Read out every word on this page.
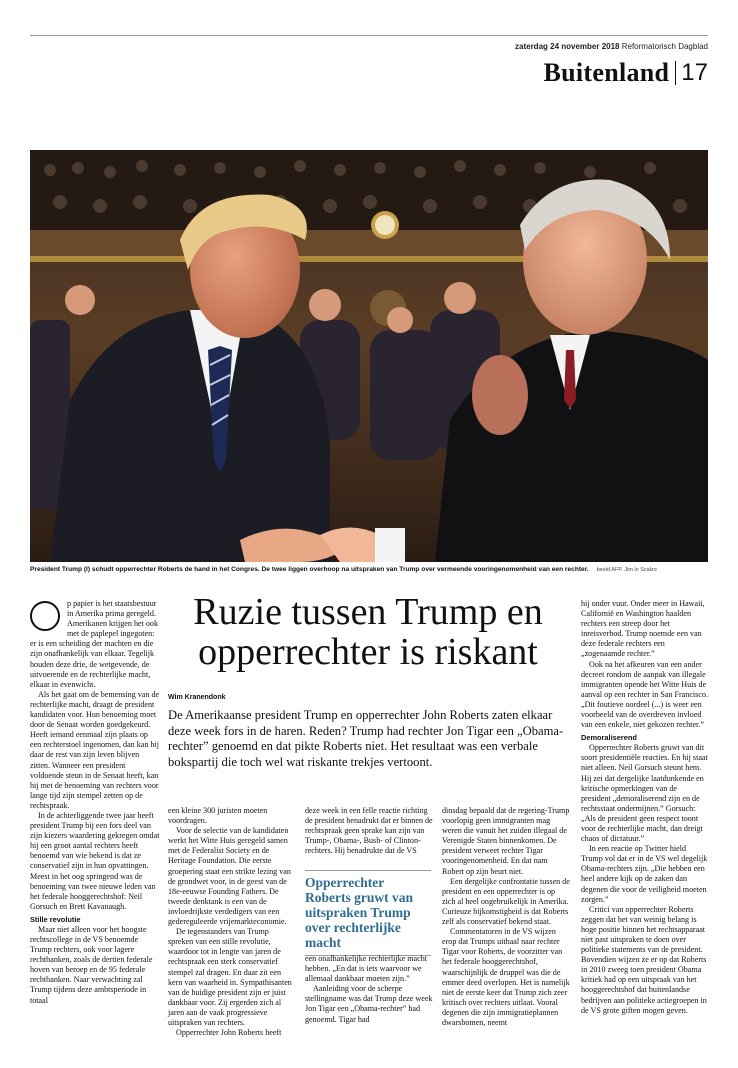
zaterdag 24 november 2018 Reformatorisch Dagblad
Buitenland 17
President Trump (l) schudt opperrechter Roberts de hand in het Congres. De twee liggen overhoop na uitspraken van Trump over vermeende vooringenomenheid van een rechter. beeld AFP, Jim lo Scalzo

p papier is het staatsbestuur in Amerika prima geregeld. Amerikanen krijgen het ook met de paplepel ingegoten: er is een scheiding der machten en die zijn onafhankelijk van elkaar. Tegelijk houden deze drie, de wetgevende, de uitvoerende en de rechterlijke macht, elkaar in evenwicht.

Als het gaat om de bemensing van de rechterlijke macht, draagt de president kandidaten voor. Hun benoeming moet door de Senaat worden goedgekeurd. Heeft iemand eenmaal zijn plaats op een rechterstoel ingenomen, dan kan hij daar de rest van zijn leven blijven zitten. Wanneer een president voldoende steun in de Senaat heeft, kan hij met de benoeming van rechters voor lange tijd zijn stempel zetten op de rechtspraak.

In de achterliggende twee jaar heeft president Trump bij een fors deel van zijn kiezers waardering gekregen omdat hij een groot aantal rechters heeft benoemd van wie bekend is dat ze conservatief zijn in hun opvattingen. Meest in het oog springend was de benoeming van twee nieuwe leden van het federale hooggerechtshof: Neil Gorsuch en Brett Kavanaugh.

Stille revolutie

Maar niet alleen voor het hoogste rechtscollege in de VS benoemde Trump rechters, ook voor lagere rechtbanken, zoals de dertien federale hoven van beroep en de 95 federale rechtbanken. Naar verwachting zal Trump tijdens deze ambtsperiode in totaal

Ruzie tussen Trump en opperrechter is riskant
Wim Kranendonk
De Amerikaanse president Trump en opperrechter John Roberts zaten elkaar deze week fors in de haren. Reden? Trump had rechter Jon Tigar een „Obama-rechter” genoemd en dat pikte Roberts niet. Het resultaat was een verbale bokspartij die toch wel wat riskante trekjes vertoont.

een kleine 300 juristen moeten voordragen.

Voor de selectie van de kandidaten werkt het Witte Huis geregeld samen met de Federalist Society en de Heritage Foundation. Die eerste groepering staat een strikte lezing van de grondwet voor, in de geest van de 18e-eeuwse Founding Fathers. De tweede denktank is een van de invloedrijkste verdedigers van een gedereguleerde vrijemarkteconomie.

De tegenstanders van Trump spreken van een stille revolutie, waardoor tot in lengte van jaren de rechtspraak een sterk conservatief stempel zal dragen. En daar zit een kern van waarheid in. Sympathisanten van de huidige president zijn er juist dankbaar voor. Zij ergerden zich al jaren aan de vaak progressieve uitspraken van rechters.

Opperrechter John Roberts heeft

deze week in een felle reactie richting de president benadrukt dat er binnen de rechtspraak geen sprake kan zijn van Trump-, Obama-, Bush- of Clinton-rechters. Hij benadrukte dat de VS

Opperrechter Roberts gruwt van uitspraken Trump over rechterlijke macht

een onafhankelijke rechterlijke macht hebben. „En dat is iets waarvoor we allemaal dankbaar moeten zijn.”

Aanleiding voor de scherpe stellingname was dat Trump deze week Jon Tigar een „Obama-rechter” had genoemd. Tigar had

dinsdag bepaald dat de regering-Trump voorlopig geen immigranten mag weren die vanuit het zuiden illegaal de Verenigde Staten binnenkomen. De president verweet rechter Tigar vooringenomenheid. En dat nam Robert op zijn beurt niet.

Een dergelijke confrontatie tussen de president en een opperrechter is op zich al heel ongebruikelijk in Amerika. Curieuze bijkomstigheid is dat Roberts zelf als conservatief bekend staat.

Commentatoren in de VS wijzen erop dat Trumps uithaal naar rechter Tigar voor Roberts, de voorzitter van het federale hooggerechtshof, waarschijnlijk de druppel was die de emmer deed overlopen. Het is namelijk niet de eerste keer dat Trump zich zeer kritisch over rechters uitlaat. Vooral degenen die zijn immigratieplannen dwarsbomen, neemt

hij onder vuur. Onder meer in Hawaii, Californië en Washington haalden rechters een streep door het inreisverbod. Trump noemde een van deze federale rechters een „zogenaamde rechter.”

Ook na het afkeuren van een ander decreet rondom de aanpak van illegale immigranten opende het Witte Huis de aanval op een rechter in San Francisco. „Dit foutieve oordeel (...) is weer een voorbeeld van de overdreven invloed van een enkele, niet gekozen rechter.”

Demoraliserend

Opperrechter Roberts gruwt van dit soort presidentiële reacties. En hij staat niet alleen. Neil Gorsuch steunt hem. Hij zei dat dergelijke laatdunkende en kritische opmerkingen van de president „demoraliserend zijn en de rechtsstaat ondermijnen.” Gorsuch: „Als de president geen respect toont voor de rechterlijke macht, dan dreigt chaos of dictatuur.”

In een reactie op Twitter hield Trump vol dat er in de VS wel degelijk Obama-rechters zijn. „Die hebben een heel andere kijk op de zaken dan degenen die voor de veiligheid moeten zorgen.”

Critici van opperrechter Roberts zeggen dat het van weinig belang is hoge positie binnen het rechtsapparaat niet past uitspraken te doen over politieke statements van de president. Bovendien wijzen ze er op dat Roberts in 2010 zweeg toen president Obama kritiek had op een uitspraak van het hooggerechtshof dat buitenlandse bedrijven aan politieke actiegroepen in de VS grote giften mogen geven.
